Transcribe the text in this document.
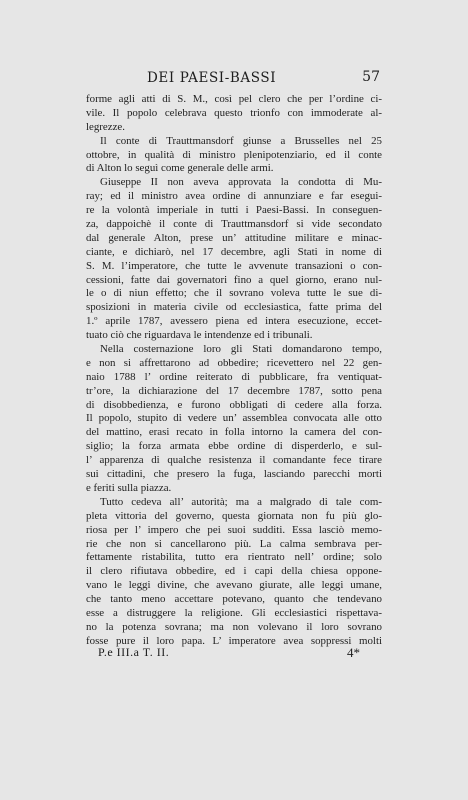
DEI PAESI-BASSI	57
forme agli atti di S. M., così pel clero che per l’ordine ci-
vile. Il popolo celebrava questo trionfo con immoderate al-
legrezze.
Il conte di Trauttmansdorf giunse a Brusselles nel 25
ottobre, in qualità di ministro plenipotenziario, ed il conte
di Alton lo seguì come generale delle armi.
Giuseppe II non aveva approvata la condotta di Mu-
ray; ed il ministro avea ordine di annunziare e far esegui-
re la volontà imperiale in tutti i Paesi-Bassi. In conseguen-
za, dappoichè il conte di Trauttmansdorf si vide secondato
dal generale Alton, prese un’ attitudine militare e minac-
ciante, e dichiarò, nel 17 decembre, agli Stati in nome di
S. M. l’imperatore, che tutte le avvenute transazioni o con-
cessioni, fatte dai governatori fino a quel giorno, erano nul-
le o di niun effetto; che il sovrano voleva tutte le sue di-
sposizioni in materia civile od ecclesiastica, fatte prima del
1.º aprile 1787, avessero piena ed intera esecuzione, eccet-
tuato ciò che riguardava le intendenze ed i tribunali.
Nella costernazione loro gli Stati domandarono tempo,
e non si affrettarono ad obbedire; ricevettero nel 22 gen-
naio 1788 l’ ordine reiterato di pubblicare, fra ventiquat-
tr’ore, la dichiarazione del 17 decembre 1787, sotto pena
di disobbedienza, e furono obbligati di cedere alla forza.
Il popolo, stupito di vedere un’ assemblea convocata alle otto
del mattino, erasi recato in folla intorno la camera del con-
siglio; la forza armata ebbe ordine di disperderlo, e sul-
l’ apparenza di qualche resistenza il comandante fece tirare
sui cittadini, che presero la fuga, lasciando parecchi morti
e feriti sulla piazza.
Tutto cedeva all’ autorità; ma a malgrado di tale com-
pleta vittoria del governo, questa giornata non fu più glo-
riosa per l’ impero che pei suoi sudditi. Essa lasciò memo-
rie che non si cancellarono più. La calma sembrava per-
fettamente ristabilita, tutto era rientrato nell’ ordine; solo
il clero rifiutava obbedire, ed i capi della chiesa oppone-
vano le leggi divine, che avevano giurate, alle leggi umane,
che tanto meno accettare potevano, quanto che tendevano
esse a distruggere la religione. Gli ecclesiastici rispettava-
no la potenza sovrana; ma non volevano il loro sovrano
fosse pure il loro papa. L’ imperatore avea soppressi molti
P.e III.a T. II.	4*
